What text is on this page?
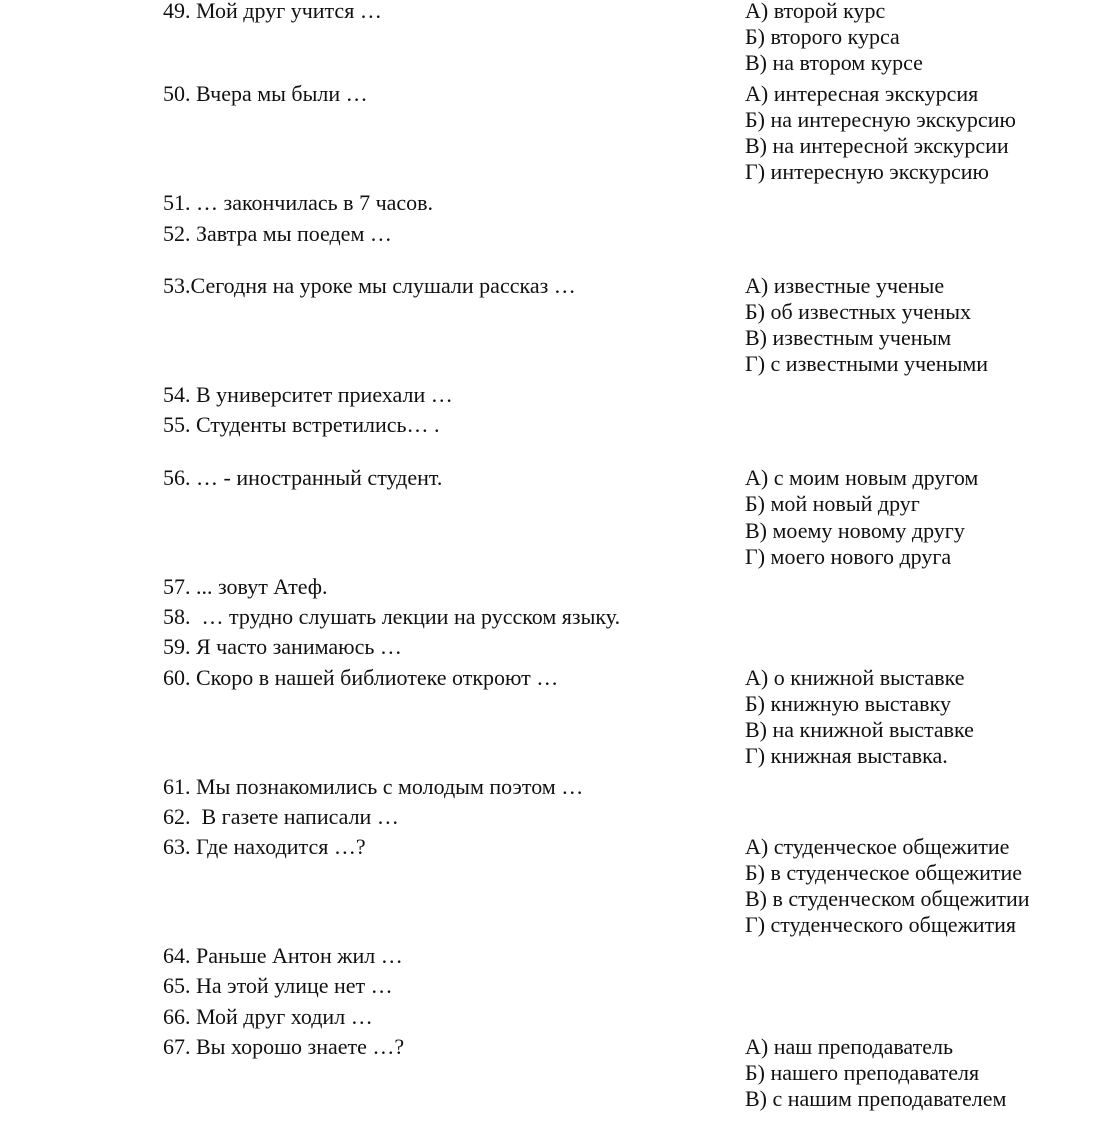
49. Мой друг учится …
50. Вчера мы были …
51. … закончилась в 7 часов.
52. Завтра мы поедем …
53.Сегодня на уроке мы слушали рассказ …
54. В университет приехали …
55. Студенты встретились… .
56. … - иностранный студент.
57. ... зовут Атеф.
58.  … трудно слушать лекции на русском языку.
59. Я часто занимаюсь …
60. Скоро в нашей библиотеке откроют …
61. Мы познакомились с молодым поэтом …
62.  В газете написали …
63. Где находится …?
64. Раньше Антон жил …
65. На этой улице нет …
66. Мой друг ходил …
67. Вы хорошо знаете …?
А) второй курс
Б) второго курса
В) на втором курсе
А) интересная экскурсия
Б) на интересную экскурсию
В) на интересной экскурсии
Г) интересную экскурсию
А) известные ученые
Б) об известных ученых
В) известным ученым
Г) с известными учеными
А) с моим новым другом
Б) мой новый друг
В) моему новому другу
Г) моего нового друга
А) о книжной выставке
Б) книжную выставку
В) на книжной выставке
Г) книжная выставка.
А) студенческое общежитие
Б) в студенческое общежитие
В) в студенческом общежитии
Г) студенческого общежития
А) наш преподаватель
Б) нашего преподавателя
В) с нашим преподавателем
